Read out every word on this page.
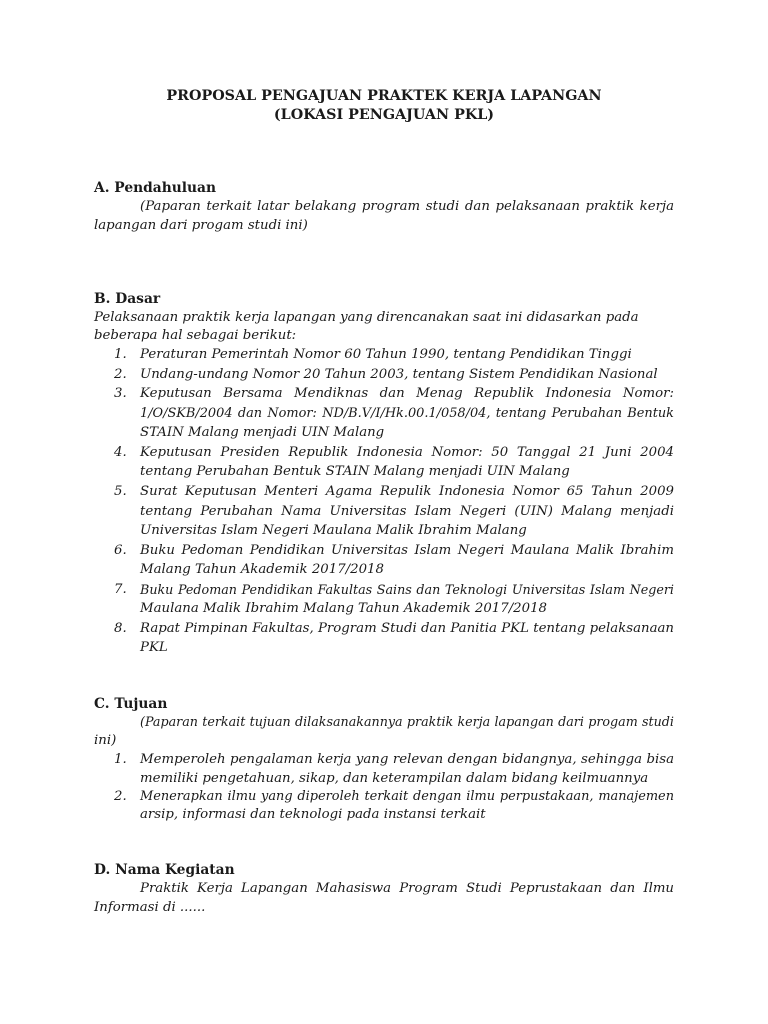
PROPOSAL PENGAJUAN PRAKTEK KERJA LAPANGAN
(LOKASI PENGAJUAN PKL)
A. Pendahuluan
(Paparan terkait latar belakang program studi dan pelaksanaan praktik kerja
lapangan dari progam studi ini)
B. Dasar
Pelaksanaan praktik kerja lapangan yang direncanakan saat ini didasarkan pada
beberapa hal sebagai berikut:
1.	Peraturan Pemerintah Nomor 60 Tahun 1990, tentang Pendidikan Tinggi
2.	Undang-undang Nomor 20 Tahun 2003, tentang Sistem Pendidikan Nasional
3.	Keputusan Bersama Mendiknas dan Menag Republik Indonesia Nomor:
1/O/SKB/2004 dan Nomor: ND/B.V/I/Hk.00.1/058/04, tentang Perubahan Bentuk
STAIN Malang menjadi UIN Malang
4.	Keputusan Presiden Republik Indonesia Nomor: 50 Tanggal 21 Juni 2004
tentang Perubahan Bentuk STAIN Malang menjadi UIN Malang
5.	Surat Keputusan Menteri Agama Repulik Indonesia Nomor 65 Tahun 2009
tentang Perubahan Nama Universitas Islam Negeri (UIN) Malang menjadi
Universitas Islam Negeri Maulana Malik Ibrahim Malang
6.	Buku Pedoman Pendidikan Universitas Islam Negeri Maulana Malik Ibrahim
Malang Tahun Akademik 2017/2018
7.	Buku Pedoman Pendidikan Fakultas Sains dan Teknologi Universitas Islam Negeri
Maulana Malik Ibrahim Malang Tahun Akademik 2017/2018
8.	Rapat Pimpinan Fakultas, Program Studi dan Panitia PKL tentang pelaksanaan
PKL
C. Tujuan
(Paparan terkait tujuan dilaksanakannya praktik kerja lapangan dari progam studi
ini)
1.	Memperoleh pengalaman kerja yang relevan dengan bidangnya, sehingga bisa
memiliki pengetahuan, sikap, dan keterampilan dalam bidang keilmuannya
2.	Menerapkan ilmu yang diperoleh terkait dengan ilmu perpustakaan, manajemen
arsip, informasi dan teknologi pada instansi terkait
D. Nama Kegiatan
Praktik Kerja Lapangan Mahasiswa Program Studi Peprustakaan dan Ilmu
Informasi di ......
